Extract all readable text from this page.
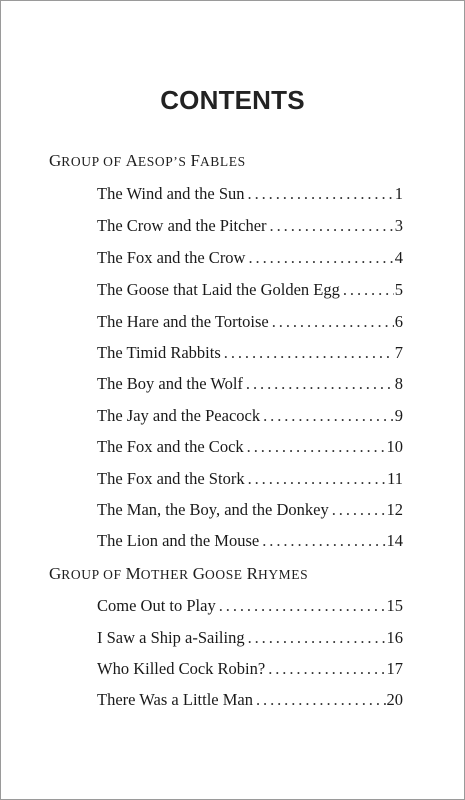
CONTENTS
GROUP OF AESOP’S FABLES
The Wind and the Sun . . .	1
The Crow and the Pitcher . . .	3
The Fox and the Crow . . .	4
The Goose that Laid the Golden Egg . . .	5
The Hare and the Tortoise . . .	6
The Timid Rabbits . . .	7
The Boy and the Wolf . . .	8
The Jay and the Peacock . . .	9
The Fox and the Cock . . .	10
The Fox and the Stork . . .	11
The Man, the Boy, and the Donkey . . .	12
The Lion and the Mouse . . .	14
GROUP OF MOTHER GOOSE RHYMES
Come Out to Play . . .	15
I Saw a Ship a-Sailing . . .	16
Who Killed Cock Robin? . . .	17
There Was a Little Man . . .	20
